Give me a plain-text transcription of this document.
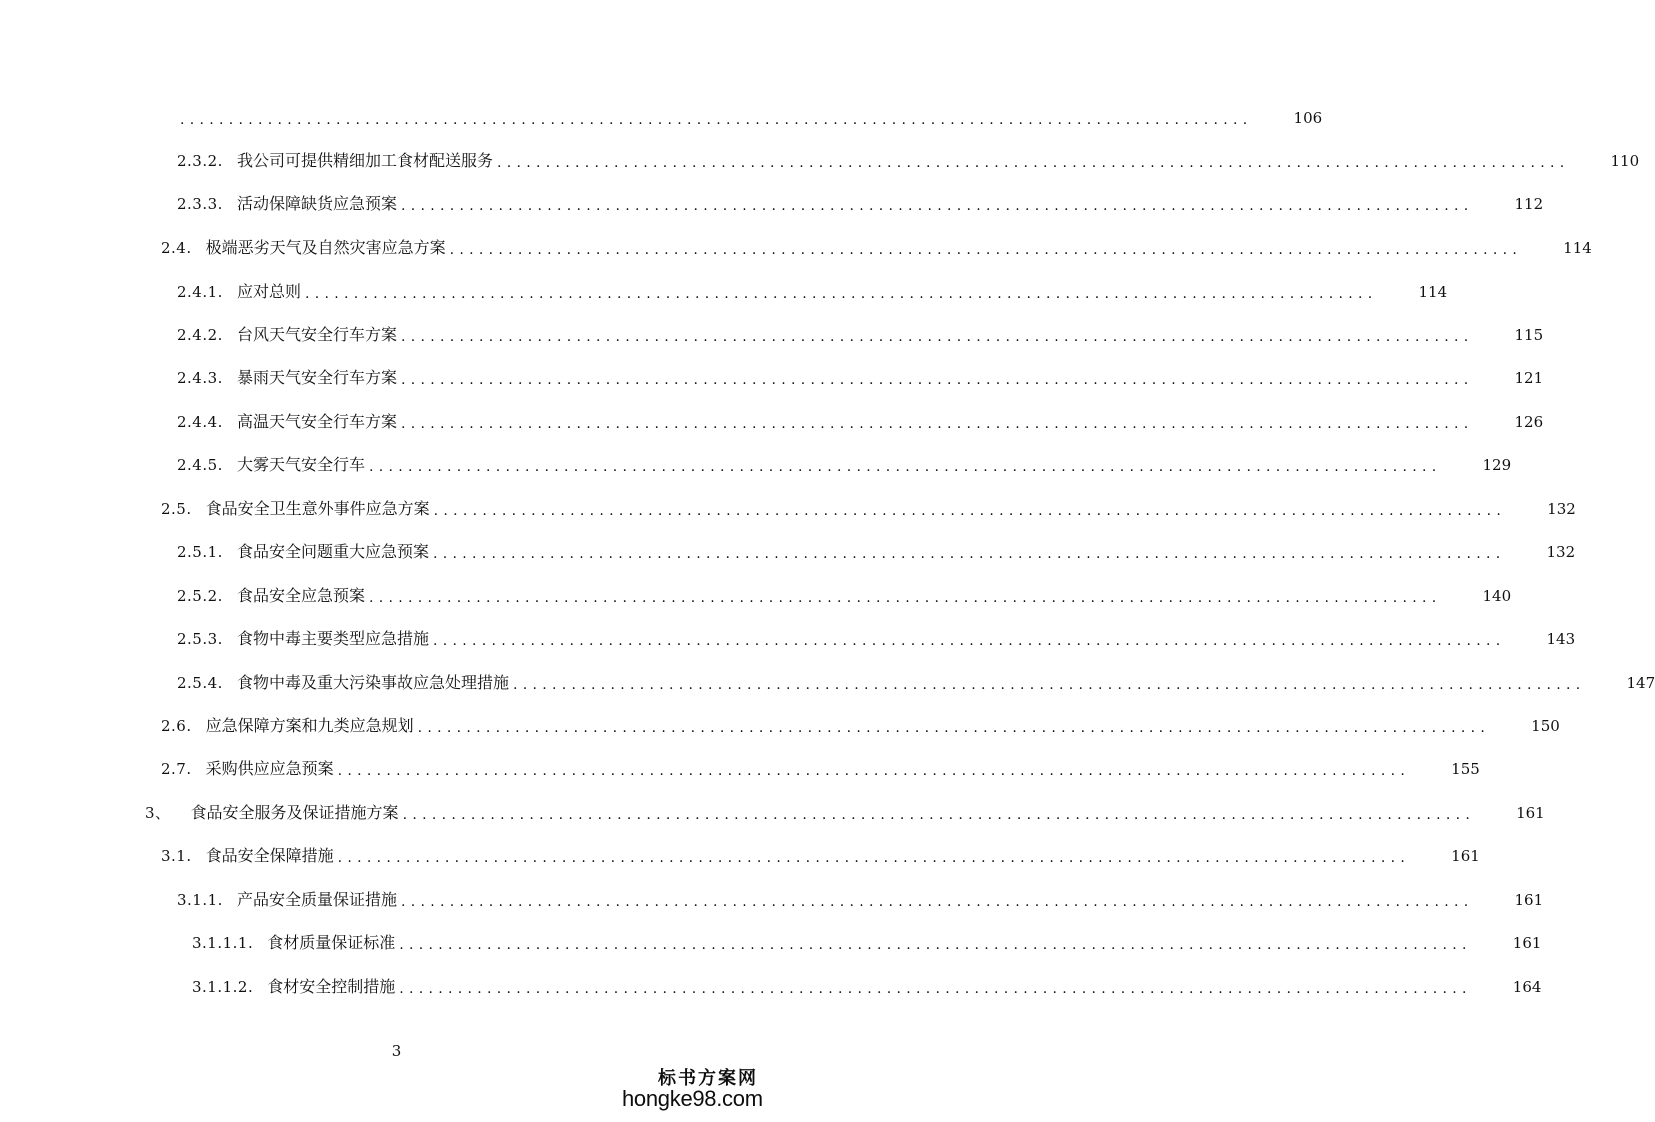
..............................................................................................................	106
2.3.2. 我公司可提供精细加工食材配送服务 ..............................................................................................................	110
2.3.3. 活动保障缺货应急预案 ..............................................................................................................	112
2.4. 极端恶劣天气及自然灾害应急方案 ..............................................................................................................	114
2.4.1. 应对总则 ..............................................................................................................	114
2.4.2. 台风天气安全行车方案 ..............................................................................................................	115
2.4.3. 暴雨天气安全行车方案 ..............................................................................................................	121
2.4.4. 高温天气安全行车方案 ..............................................................................................................	126
2.4.5. 大雾天气安全行车 ..............................................................................................................	129
2.5. 食品安全卫生意外事件应急方案 ..............................................................................................................	132
2.5.1. 食品安全问题重大应急预案 ..............................................................................................................	132
2.5.2. 食品安全应急预案 ..............................................................................................................	140
2.5.3. 食物中毒主要类型应急措施 ..............................................................................................................	143
2.5.4. 食物中毒及重大污染事故应急处理措施 ..............................................................................................................	147
2.6. 应急保障方案和九类应急规划 ..............................................................................................................	150
2.7. 采购供应应急预案 ..............................................................................................................	155
3、 食品安全服务及保证措施方案 ..............................................................................................................	161
3.1. 食品安全保障措施 ..............................................................................................................	161
3.1.1. 产品安全质量保证措施 ..............................................................................................................	161
3.1.1.1. 食材质量保证标准 ..............................................................................................................	161
3.1.1.2. 食材安全控制措施 ..............................................................................................................	164
3
标书方案网
hongke98.com
